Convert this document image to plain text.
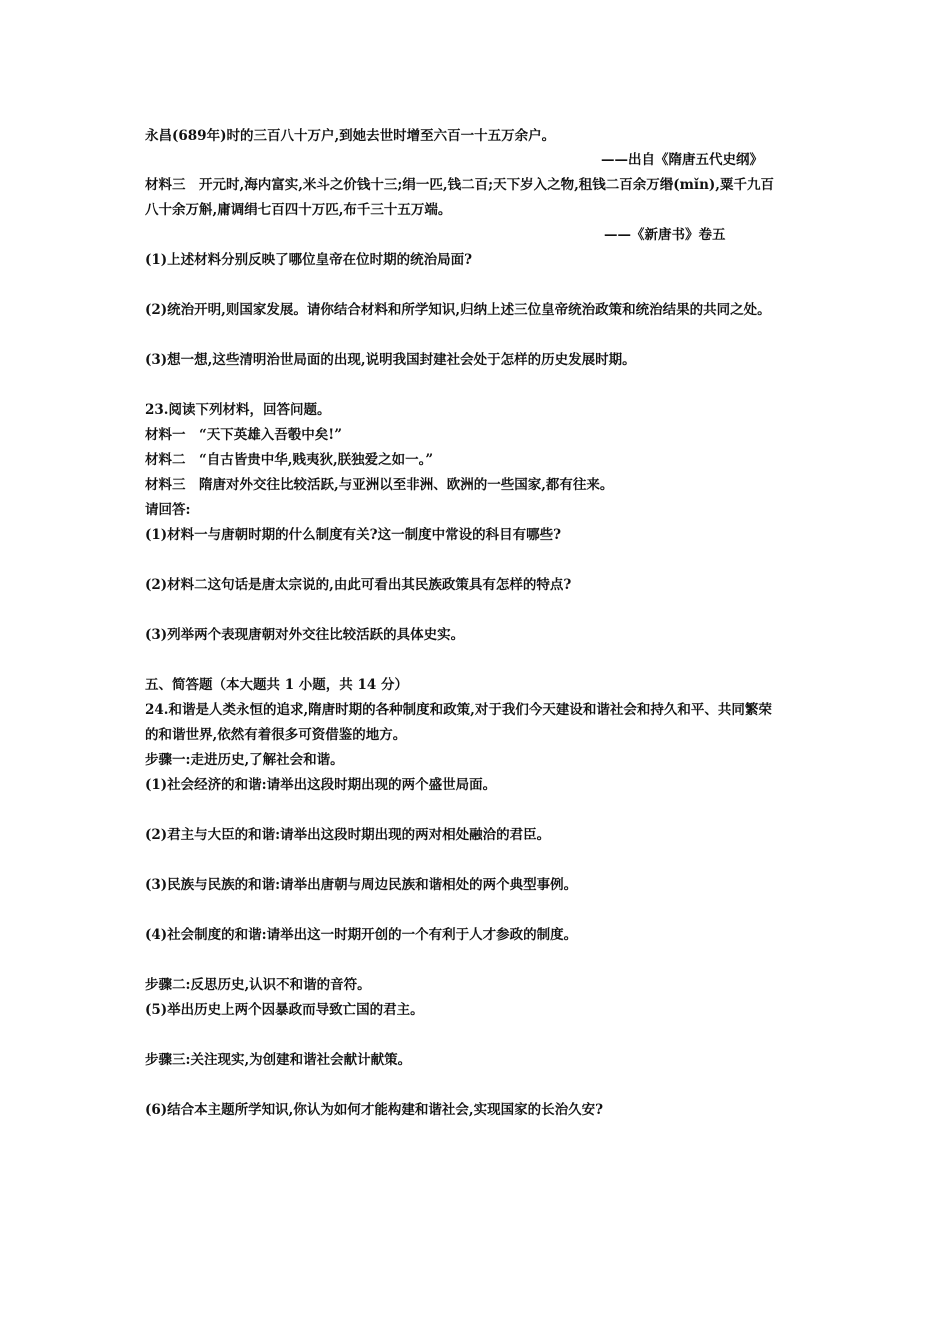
永昌(689年)时的三百八十万户,到她去世时增至六百一十五万余户。
——出自《隋唐五代史纲》
材料三　开元时,海内富实,米斗之价钱十三;绢一匹,钱二百;天下岁入之物,租钱二百余万缗(mǐn),粟千九百
八十余万斛,庸调绢七百四十万匹,布千三十五万端。
——《新唐书》卷五
(1)上述材料分别反映了哪位皇帝在位时期的统治局面?
(2)统治开明,则国家发展。请你结合材料和所学知识,归纳上述三位皇帝统治政策和统治结果的共同之处。
(3)想一想,这些清明治世局面的出现,说明我国封建社会处于怎样的历史发展时期。
23.阅读下列材料，回答问题。
材料一　“天下英雄入吾彀中矣!”
材料二　“自古皆贵中华,贱夷狄,朕独爱之如一。”
材料三　隋唐对外交往比较活跃,与亚洲以至非洲、欧洲的一些国家,都有往来。
请回答:
(1)材料一与唐朝时期的什么制度有关?这一制度中常设的科目有哪些?
(2)材料二这句话是唐太宗说的,由此可看出其民族政策具有怎样的特点?
(3)列举两个表现唐朝对外交往比较活跃的具体史实。
五、简答题（本大题共 1 小题，共 14 分）
24.和谐是人类永恒的追求,隋唐时期的各种制度和政策,对于我们今天建设和谐社会和持久和平、共同繁荣
的和谐世界,依然有着很多可资借鉴的地方。
步骤一:走进历史,了解社会和谐。
(1)社会经济的和谐:请举出这段时期出现的两个盛世局面。
(2)君主与大臣的和谐:请举出这段时期出现的两对相处融洽的君臣。
(3)民族与民族的和谐:请举出唐朝与周边民族和谐相处的两个典型事例。
(4)社会制度的和谐:请举出这一时期开创的一个有利于人才参政的制度。
步骤二:反思历史,认识不和谐的音符。
(5)举出历史上两个因暴政而导致亡国的君主。
步骤三:关注现实,为创建和谐社会献计献策。
(6)结合本主题所学知识,你认为如何才能构建和谐社会,实现国家的长治久安?
